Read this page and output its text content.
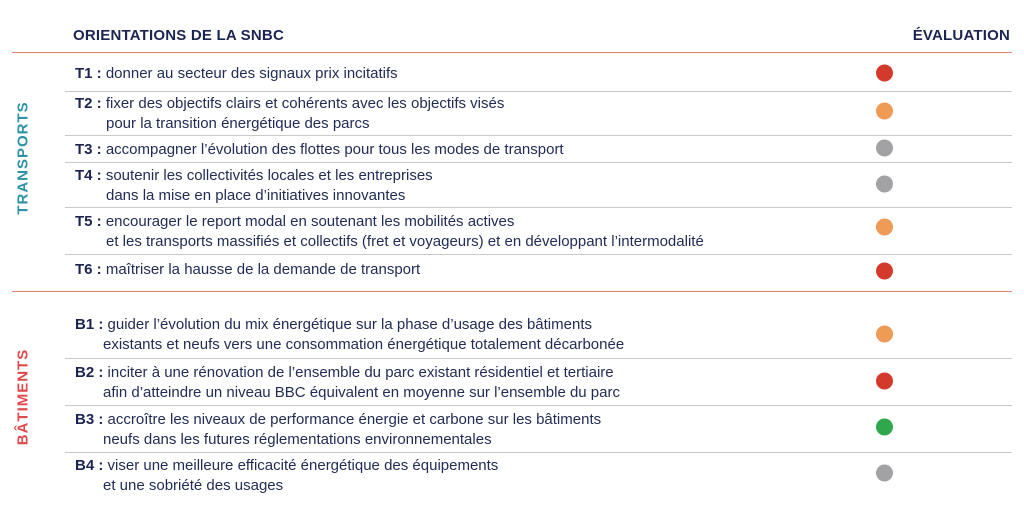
ORIENTATIONS DE LA SNBC	ÉVALUATION
TRANSPORTS
BÂTIMENTS
T1 : donner au secteur des signaux prix incitatifs
T2 : fixer des objectifs clairs et cohérents avec les objectifs visés
pour la transition énergétique des parcs
T3 : accompagner l’évolution des flottes pour tous les modes de transport
T4 : soutenir les collectivités locales et les entreprises
dans la mise en place d’initiatives innovantes
T5 : encourager le report modal en soutenant les mobilités actives
et les transports massifiés et collectifs (fret et voyageurs) et en développant l’intermodalité
T6 : maîtriser la hausse de la demande de transport
B1 : guider l’évolution du mix énergétique sur la phase d’usage des bâtiments
existants et neufs vers une consommation énergétique totalement décarbonée
B2 : inciter à une rénovation de l’ensemble du parc existant résidentiel et tertiaire
afin d’atteindre un niveau BBC équivalent en moyenne sur l’ensemble du parc
B3 : accroître les niveaux de performance énergie et carbone sur les bâtiments
neufs dans les futures réglementations environnementales
B4 : viser une meilleure efficacité énergétique des équipements
et une sobriété des usages
